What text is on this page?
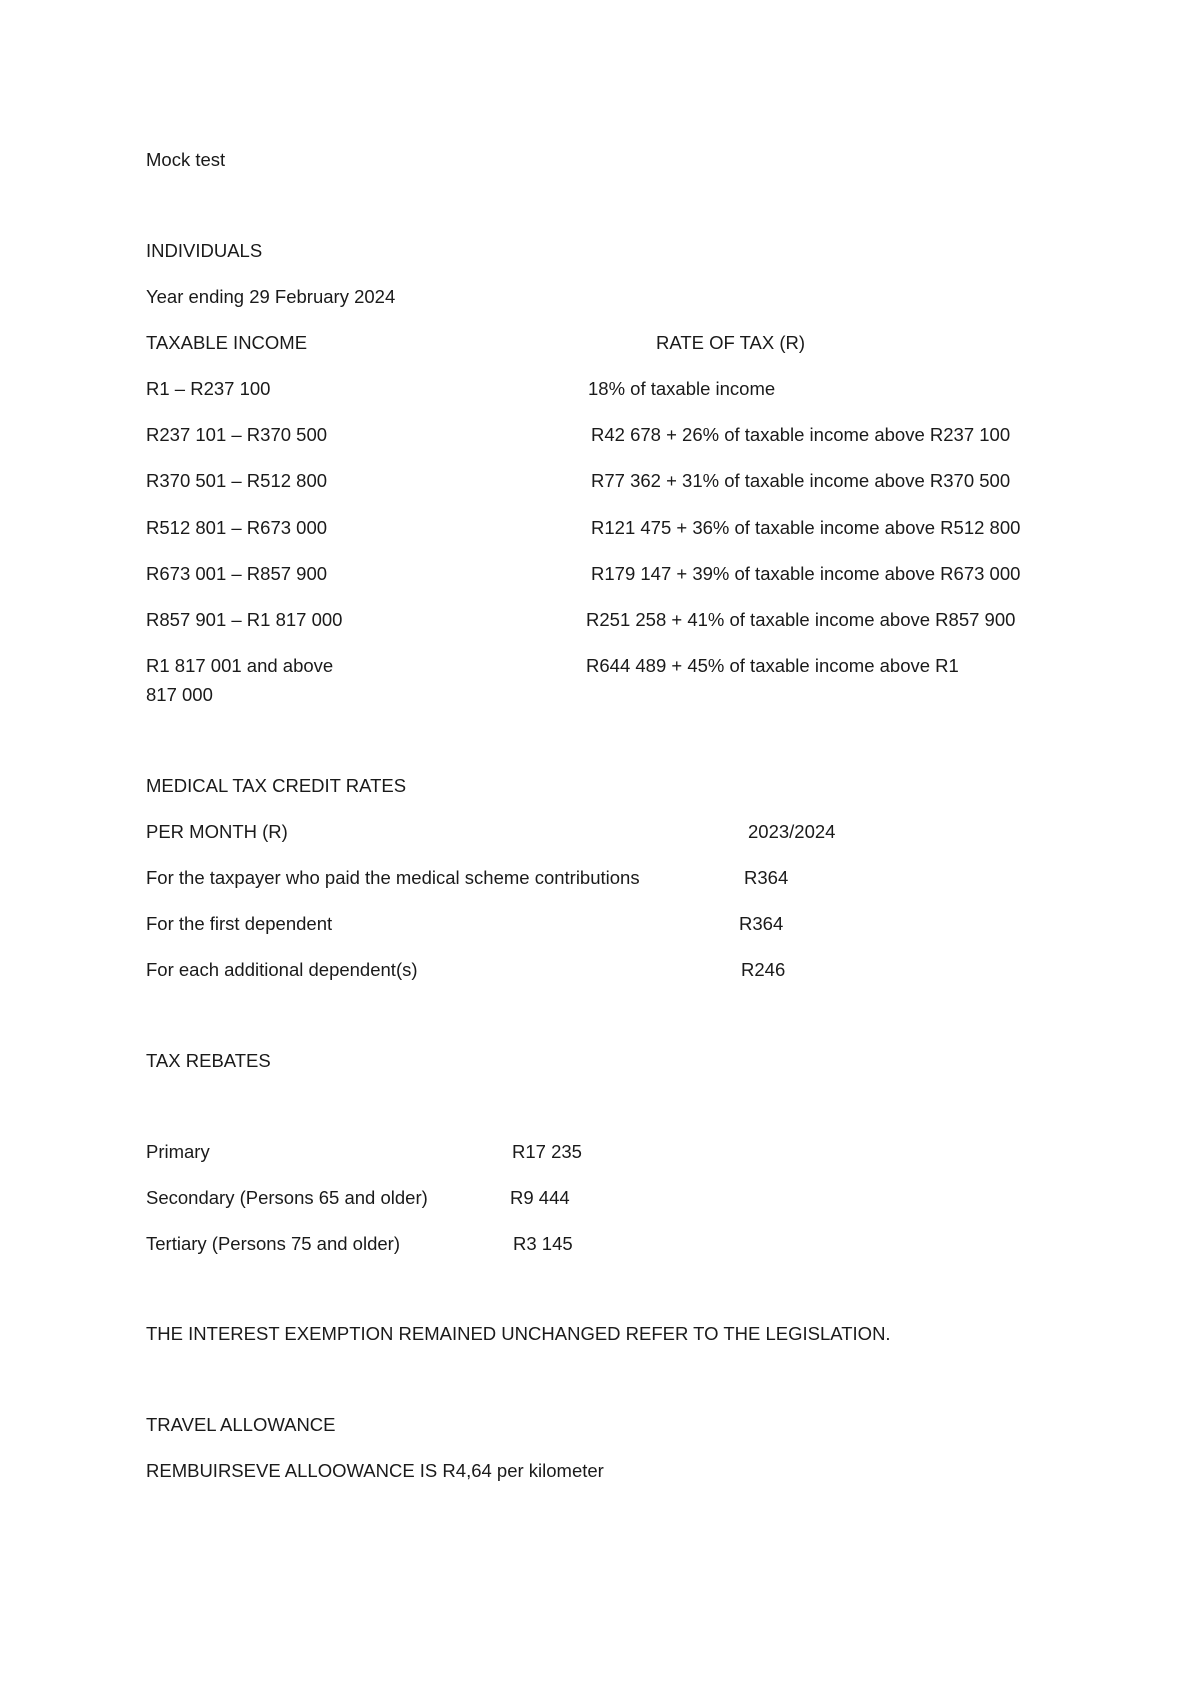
Mock test
INDIVIDUALS
Year ending 29 February 2024
TAXABLE INCOME	RATE OF TAX (R)
R1 – R237 100	18% of taxable income
R237 101 – R370 500	R42 678 + 26% of taxable income above R237 100
R370 501 – R512 800	R77 362 + 31% of taxable income above R370 500
R512 801 – R673 000	R121 475 + 36% of taxable income above R512 800
R673 001 – R857 900	R179 147 + 39% of taxable income above R673 000
R857 901 – R1 817 000	R251 258 + 41% of taxable income above R857 900
R1 817 001 and above	R644 489 + 45% of taxable income above R1
817 000
MEDICAL TAX CREDIT RATES
PER MONTH (R)	2023/2024
For the taxpayer who paid the medical scheme contributions	R364
For the first dependent	R364
For each additional dependent(s)	R246
TAX REBATES
Primary	R17 235
Secondary (Persons 65 and older)	R9 444
Tertiary (Persons 75 and older)	R3 145
THE INTEREST EXEMPTION REMAINED UNCHANGED REFER TO THE LEGISLATION.
TRAVEL ALLOWANCE
REMBUIRSEVE ALLOOWANCE IS R4,64 per kilometer
